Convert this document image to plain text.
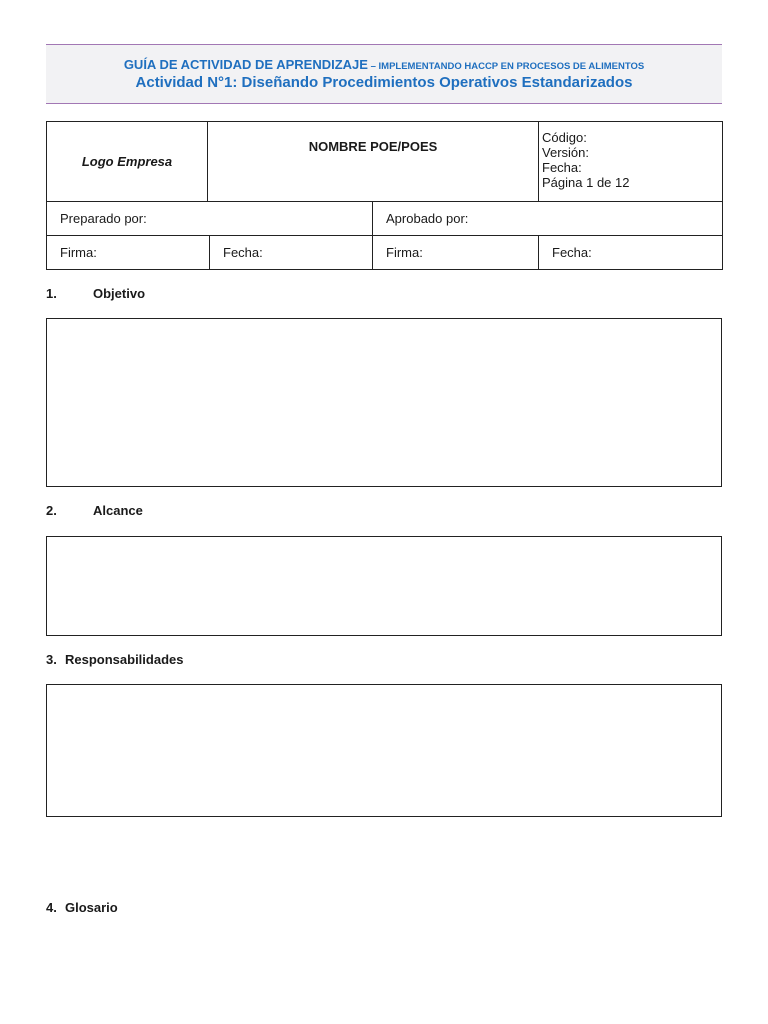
GUÍA DE ACTIVIDAD DE APRENDIZAJE – IMPLEMENTANDO HACCP EN PROCESOS DE ALIMENTOS
Actividad N°1: Diseñando Procedimientos Operativos Estandarizados
Logo Empresa	NOMBRE POE/POES			Código:
Versión:
Fecha:
Página 1 de 12

Preparado por:			Aprobado por:	
Firma:		Fecha:	Firma:	Fecha:
1.	Objetivo
2.	Alcance
3. Responsabilidades
4. Glosario
